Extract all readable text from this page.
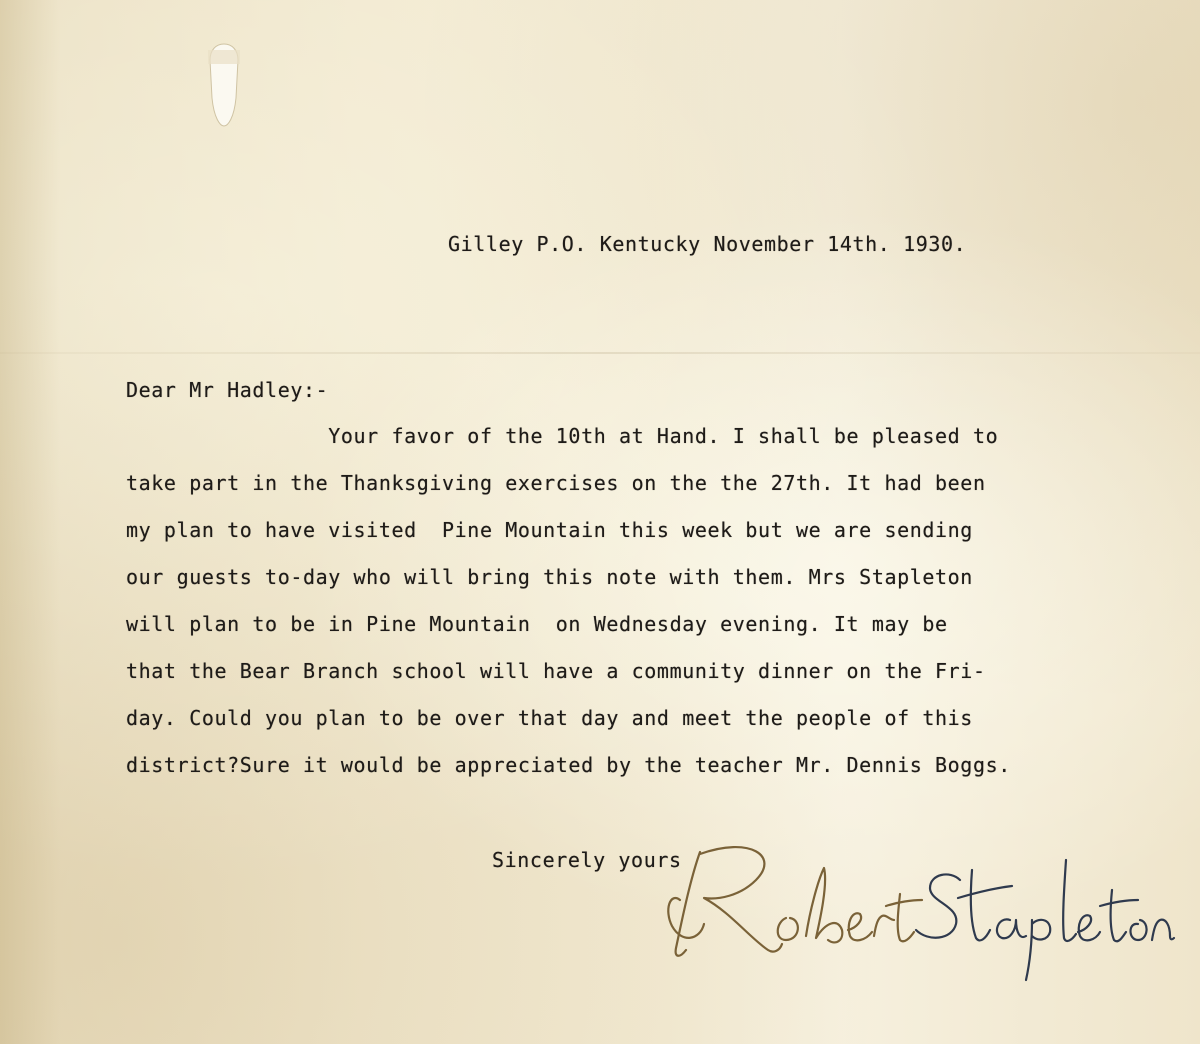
Gilley P.O. Kentucky November 14th. 1930.
Dear Mr Hadley:-
Your favor of the 10th at Hand. I shall be pleased to
take part in the Thanksgiving exercises on the the 27th. It had been
my plan to have visited  Pine Mountain this week but we are sending
our guests to-day who will bring this note with them. Mrs Stapleton
will plan to be in Pine Mountain  on Wednesday evening. It may be
that the Bear Branch school will have a community dinner on the Fri-
day. Could you plan to be over that day and meet the people of this
district?Sure it would be appreciated by the teacher Mr. Dennis Boggs.
Sincerely yours
Robert Stapleton
